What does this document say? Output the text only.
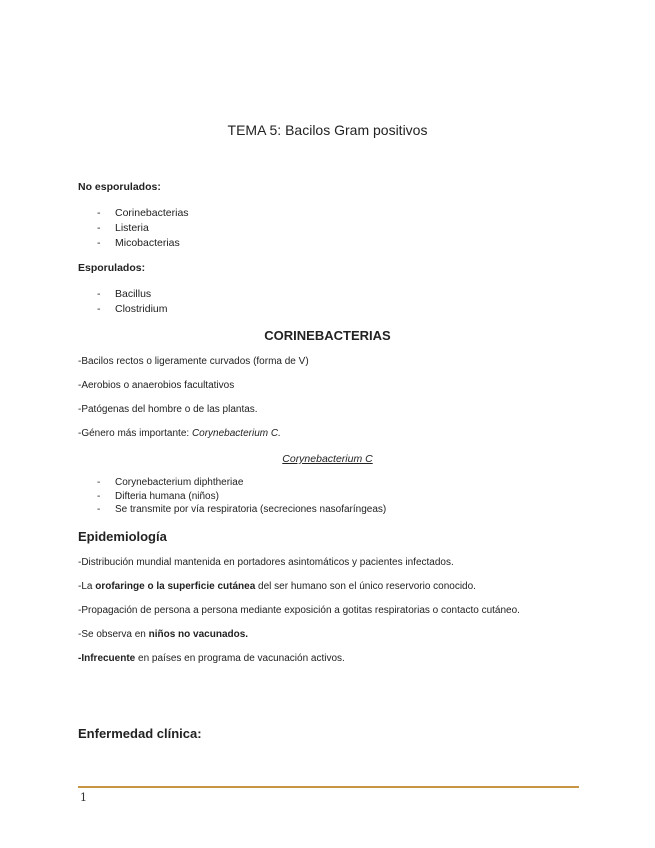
TEMA 5: Bacilos Gram positivos
No esporulados:
- Corinebacterias
- Listeria
- Micobacterias
Esporulados:
- Bacillus
- Clostridium
CORINEBACTERIAS
-Bacilos rectos o ligeramente curvados (forma de V)
-Aerobios o anaerobios facultativos
-Patógenas del hombre o de las plantas.
-Género más importante: Corynebacterium C.
Corynebacterium C
- Corynebacterium diphtheriae
- Difteria humana (niños)
- Se transmite por vía respiratoria (secreciones nasofaríngeas)
Epidemiología
-Distribución mundial mantenida en portadores asintomáticos y pacientes infectados.
-La orofaringe o la superficie cutánea del ser humano son el único reservorio conocido.
-Propagación de persona a persona mediante exposición a gotitas respiratorias o contacto cutáneo.
-Se observa en niños no vacunados.
-Infrecuente en países en programa de vacunación activos.
Enfermedad clínica:
1
